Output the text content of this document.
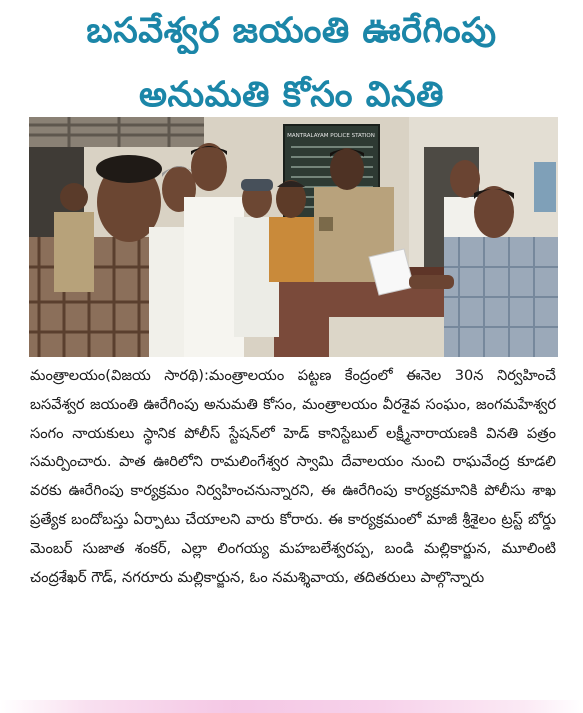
బసవేశ్వర జయంతి ఊరేగింపు
అనుమతి కోసం వినతి
MANTRALAYAM POLICE STATION

మంత్రాలయం(విజయ సారథి):మంత్రాలయం పట్టణ కేంద్రంలో ఈనెల 30న నిర్వహించే బసవేశ్వర జయంతి ఊరేగింపు అనుమతి కోసం, మంత్రాలయం వీరశైవ సంఘం, జంగమహేశ్వర సంగం నాయకులు స్థానిక పోలీస్ స్టేషన్‌లో హెడ్ కానిస్టేబుల్ లక్ష్మీనారాయణకి వినతి పత్రం సమర్పించారు. పాత ఊరిలోని రామలింగేశ్వర స్వామి దేవాలయం నుంచి రాఘవేంద్ర కూడలి వరకు ఊరేగింపు కార్యక్రమం నిర్వహించనున్నారని, ఈ ఊరేగింపు కార్యక్రమానికి పోలీసు శాఖ ప్రత్యేక బందోబస్తు ఏర్పాటు చేయాలని వారు కోరారు. ఈ కార్యక్రమంలో మాజీ శ్రీశైలం ట్రస్ట్ బోర్డు మెంబర్ సుజాత శంకర్, ఎల్లా లింగయ్య మహబలేశ్వరప్ప, బండి మల్లికార్జున, మూలింటి చంద్రశేఖర్ గౌడ్, నగరూరు మల్లికార్జున, ఓం నమశ్శివాయ, తదితరులు పాల్గొన్నారు
